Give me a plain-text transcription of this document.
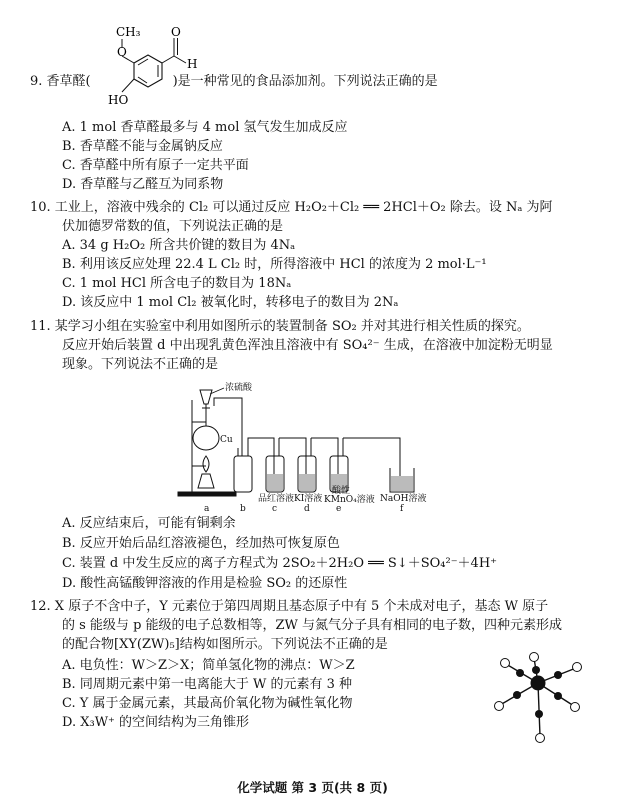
CH₃
O
O
H
HO
9. 香草醛(	)是一种常见的食品添加剂。下列说法正确的是
A. 1 mol 香草醛最多与 4 mol 氢气发生加成反应
B. 香草醛不能与金属钠反应
C. 香草醛中所有原子一定共平面
D. 香草醛与乙醛互为同系物
10. 工业上，溶液中残余的 Cl₂ 可以通过反应 H₂O₂＋Cl₂ ══ 2HCl＋O₂ 除去。设 Nₐ 为阿
伏加德罗常数的值，下列说法正确的是
A. 34 g H₂O₂ 所含共价键的数目为 4Nₐ
B. 利用该反应处理 22.4 L Cl₂ 时，所得溶液中 HCl 的浓度为 2 mol·L⁻¹
C. 1 mol HCl 所含电子的数目为 18Nₐ
D. 该反应中 1 mol Cl₂ 被氧化时，转移电子的数目为 2Nₐ
11. 某学习小组在实验室中利用如图所示的装置制备 SO₂ 并对其进行相关性质的探究。
反应开始后装置 d 中出现乳黄色浑浊且溶液中有 SO₄²⁻ 生成，在溶液中加淀粉无明显
现象。下列说法不正确的是
浓硫酸
Cu
品红溶液 KI溶液
酸性
KMnO₄溶液 NaOH溶液
a	b	c	d	e	f
A. 反应结束后，可能有铜剩余
B. 反应开始后品红溶液褪色，经加热可恢复原色
C. 装置 d 中发生反应的离子方程式为 2SO₂＋2H₂O ══ S↓＋SO₄²⁻＋4H⁺
D. 酸性高锰酸钾溶液的作用是检验 SO₂ 的还原性
12. X 原子不含中子，Y 元素位于第四周期且基态原子中有 5 个未成对电子，基态 W 原子
的 s 能级与 p 能级的电子总数相等，ZW 与氮气分子具有相同的电子数，四种元素形成
的配合物[XY(ZW)₅]结构如图所示。下列说法不正确的是
A. 电负性：W＞Z＞X；简单氢化物的沸点：W＞Z
B. 同周期元素中第一电离能大于 W 的元素有 3 种
C. Y 属于金属元素，其最高价氧化物为碱性氧化物
D. X₃W⁺ 的空间结构为三角锥形
化学试题 第 3 页(共 8 页)
